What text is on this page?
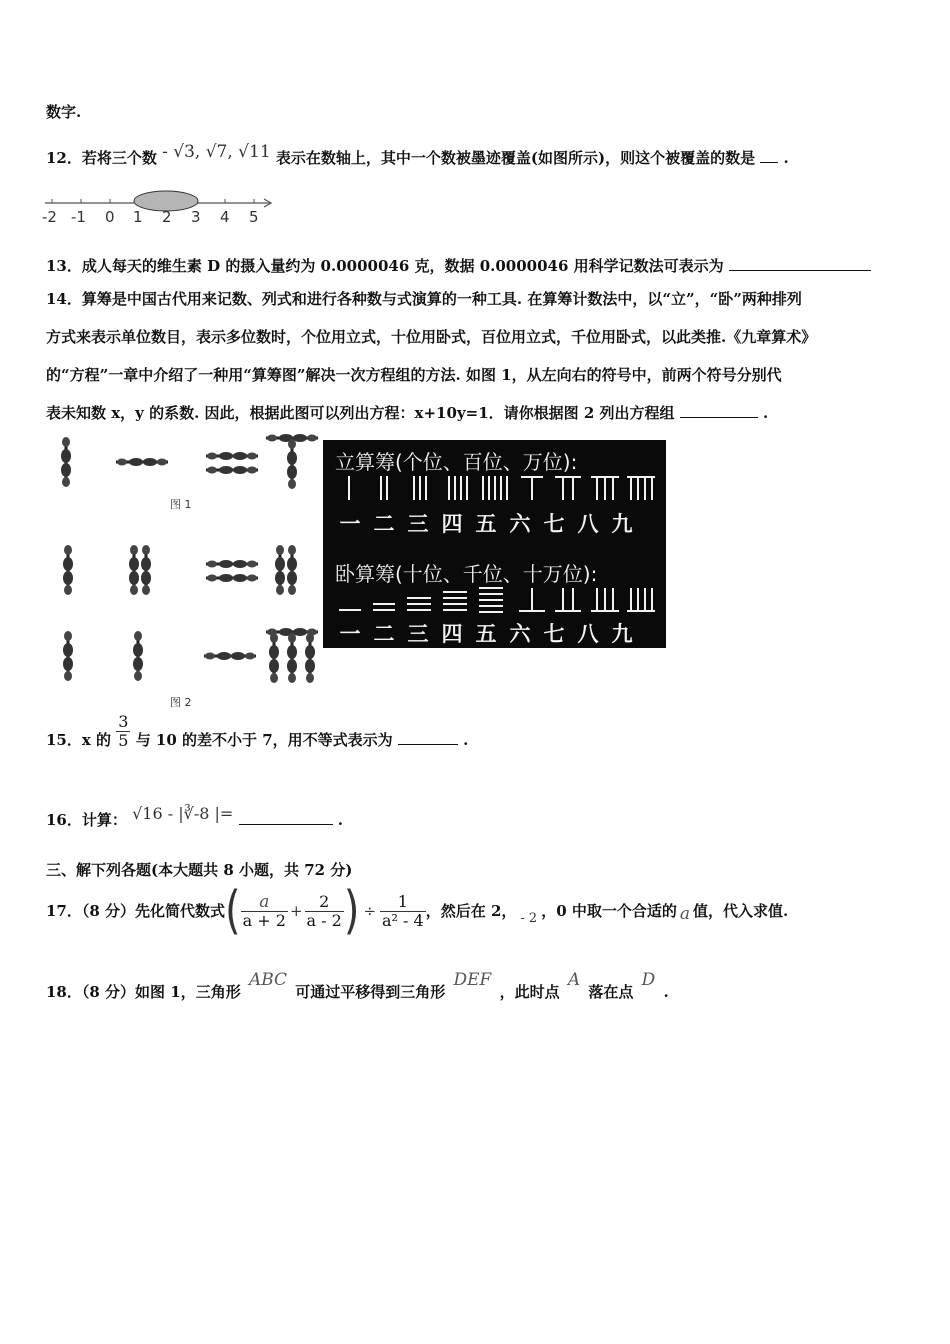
数字.
12．若将三个数 - √3, √7, √11 表示在数轴上，其中一个数被墨迹覆盖(如图所示)，则这个被覆盖的数是 .
-2 -1 0 1 2 3 4 5
13．成人每天的维生素 D 的摄入量约为 0.0000046 克，数据 0.0000046 用科学记数法可表示为
14．算筹是中国古代用来记数、列式和进行各种数与式演算的一种工具. 在算筹计数法中，以“立”，“卧”两种排列
方式来表示单位数目，表示多位数时，个位用立式，十位用卧式，百位用立式，千位用卧式，以此类推.《九章算术》
的“方程”一章中介绍了一种用“算筹图”解决一次方程组的方法. 如图 1，从左向右的符号中，前两个符号分别代
表未知数 x，y 的系数. 因此，根据此图可以列出方程：x+10y=1．请你根据图 2 列出方程组	.
图 1
图 2
立算筹(个位、百位、万位):
一 二 三 四 五 六 七 八 九
卧算筹(十位、千位、十万位):
一 二 三 四 五 六 七 八 九
15．x 的 $\frac{3}{5}$ 与 10 的差不小于 7，用不等式表示为	.
16．计算： √16 - |∛-8 |=	.
三、解下列各题(本大题共 8 小题，共 72 分)
17．（8 分）先化简代数式 ( $\frac{a}{a + 2} + \frac{2}{a - 2}$ ) ÷ $\frac{1}{\text{a² - 4}}$ ，然后在 2， - 2 ，0 中取一个合适的 a 值，代入求值.
18．（8 分）如图 1，三角形 ABC 可通过平移得到三角形 DEF ，此时点 A 落在点 D .
